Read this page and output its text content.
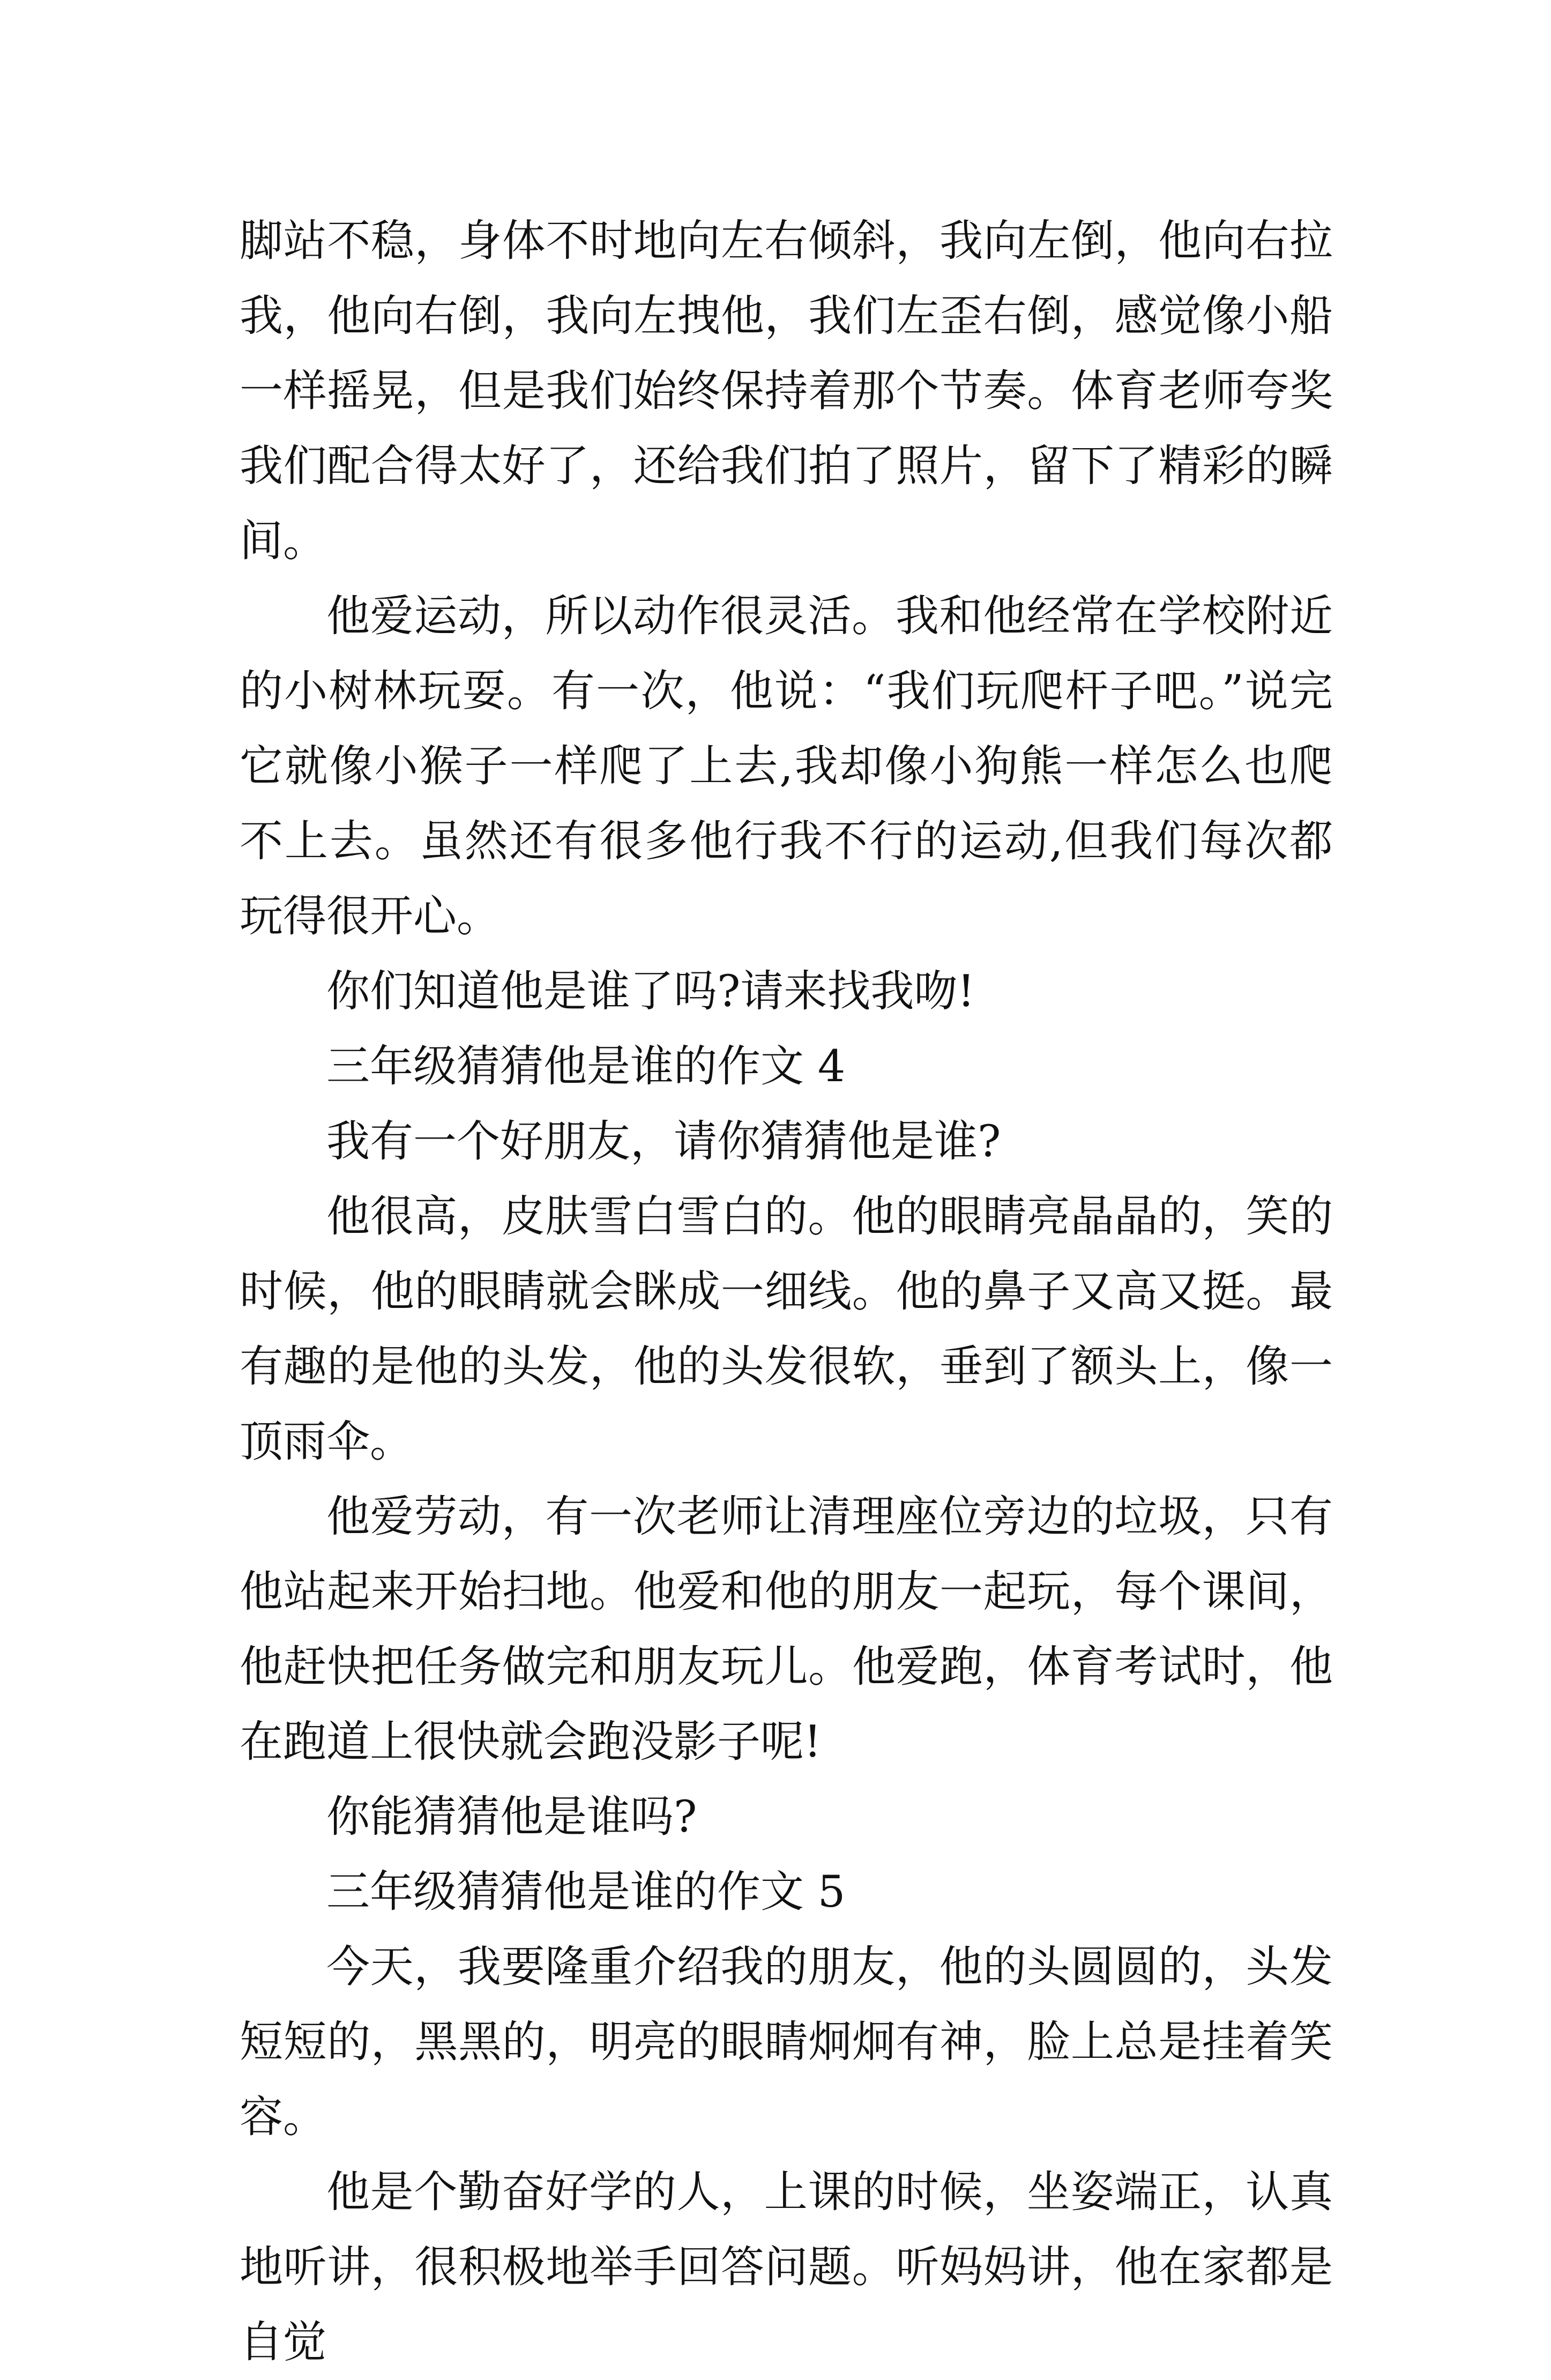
脚站不稳，身体不时地向左右倾斜，我向左倒，他向右拉我，他向右倒，我向左拽他，我们左歪右倒，感觉像小船一样摇晃，但是我们始终保持着那个节奏。体育老师夸奖我们配合得太好了，还给我们拍了照片，留下了精彩的瞬间。

他爱运动，所以动作很灵活。我和他经常在学校附近的小树林玩耍。有一次，他说：“我们玩爬杆子吧。”说完它就像小猴子一样爬了上去,我却像小狗熊一样怎么也爬不上去。虽然还有很多他行我不行的运动,但我们每次都玩得很开心。

你们知道他是谁了吗?请来找我吻!

三年级猜猜他是谁的作文 4

我有一个好朋友，请你猜猜他是谁?

他很高，皮肤雪白雪白的。他的眼睛亮晶晶的，笑的时候，他的眼睛就会眯成一细线。他的鼻子又高又挺。最有趣的是他的头发，他的头发很软，垂到了额头上，像一顶雨伞。

他爱劳动，有一次老师让清理座位旁边的垃圾，只有他站起来开始扫地。他爱和他的朋友一起玩，每个课间，他赶快把任务做完和朋友玩儿。他爱跑，体育考试时，他在跑道上很快就会跑没影子呢!

你能猜猜他是谁吗?

三年级猜猜他是谁的作文 5

今天，我要隆重介绍我的朋友，他的头圆圆的，头发短短的，黑黑的，明亮的眼睛炯炯有神，脸上总是挂着笑容。

他是个勤奋好学的人，上课的时候，坐姿端正，认真地听讲，很积极地举手回答问题。听妈妈讲，他在家都是自觉
